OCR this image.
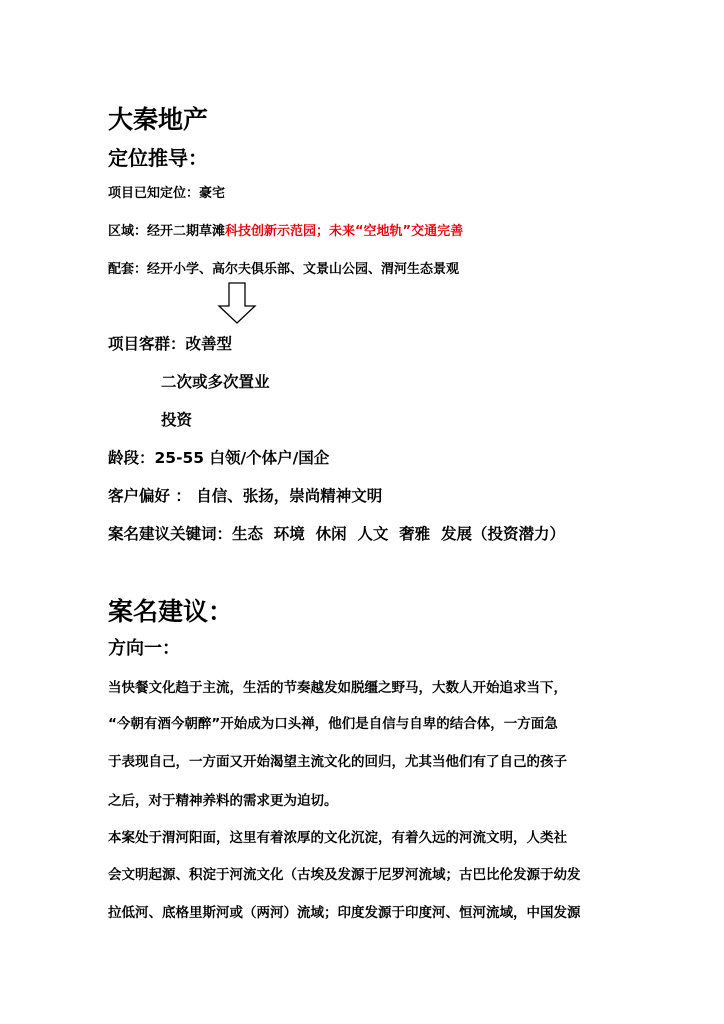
大秦地产
定位推导：
项目已知定位：豪宅
区域：经开二期草滩科技创新示范园；未来“空地轨”交通完善
配套：经开小学、高尔夫俱乐部、文景山公园、渭河生态景观
项目客群：改善型
二次或多次置业
投资
龄段：25-55 白领/个体户/国企
客户偏好 ： 自信、张扬，崇尚精神文明
案名建议关键词：生态  环境  休闲  人文  奢雅  发展（投资潜力）
案名建议：
方向一：
当快餐文化趋于主流，生活的节奏越发如脱缰之野马，大数人开始追求当下，
“今朝有酒今朝醉”开始成为口头禅，他们是自信与自卑的结合体，一方面急
于表现自己，一方面又开始渴望主流文化的回归，尤其当他们有了自己的孩子
之后，对于精神养料的需求更为迫切。
本案处于渭河阳面，这里有着浓厚的文化沉淀，有着久远的河流文明，人类社
会文明起源、积淀于河流文化（古埃及发源于尼罗河流域；古巴比伦发源于幼发
拉低河、底格里斯河或（两河）流域；印度发源于印度河、恒河流域，中国发源
